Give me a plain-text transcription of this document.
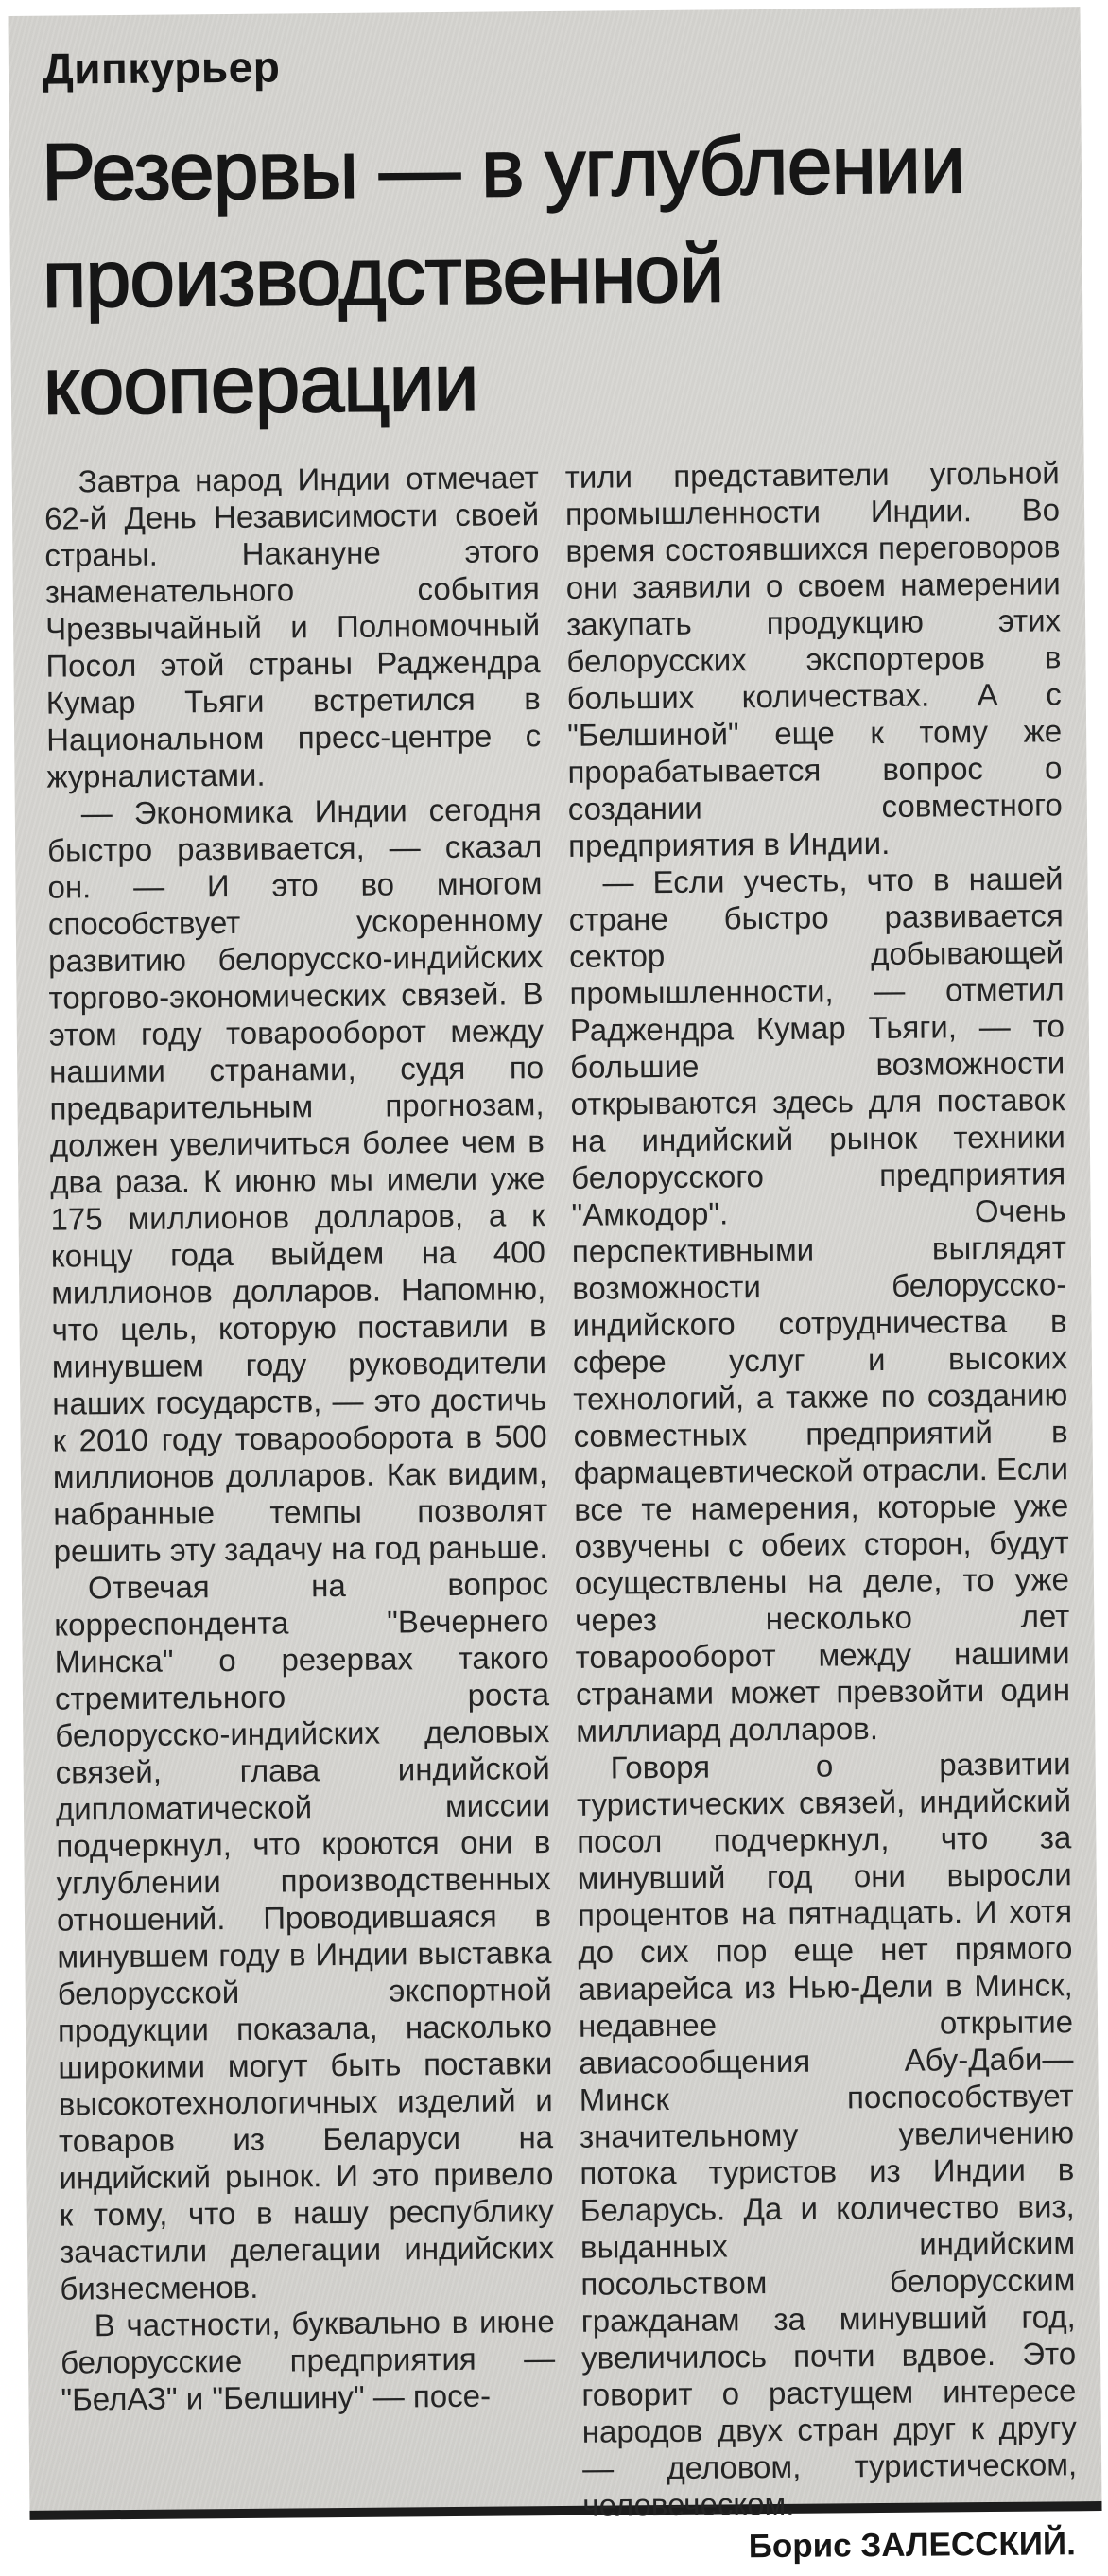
Дипкурьер
Резервы — в углублении
производственной
кооперации

Завтра народ Индии отмечает 62-й День Независимости своей страны. Накануне этого знаменательного события Чрезвычайный и Полномочный Посол этой страны Раджендра Кумар Тьяги встретился в Национальном пресс-центре с журналистами.

— Экономика Индии сегодня быстро развивается, — сказал он. — И это во многом способствует ускоренному развитию белорусско-индийских торгово-экономических связей. В этом году товарооборот между нашими странами, судя по предварительным прогнозам, должен увеличиться более чем в два раза. К июню мы имели уже 175 миллионов долларов, а к концу года выйдем на 400 миллионов долларов. Напомню, что цель, которую поставили в минувшем году руководители наших государств, — это достичь к 2010 году товарооборота в 500 миллионов долларов. Как видим, набранные темпы позволят решить эту задачу на год раньше.

Отвечая на вопрос корреспондента "Вечернего Минска" о резервах такого стремительного роста белорусско-индийских деловых связей, глава индийской дипломатической миссии подчеркнул, что кроются они в углублении производственных отношений. Проводившаяся в минувшем году в Индии выставка белорусской экспортной продукции показала, насколько широкими могут быть поставки высокотехнологичных изделий и товаров из Беларуси на индийский рынок. И это привело к тому, что в нашу республику зачастили делегации индийских бизнесменов.

В частности, буквально в июне белорусские предприятия — "БелАЗ" и "Белшину" — посе-

тили представители угольной промышленности Индии. Во время состоявшихся переговоров они заявили о своем намерении закупать продукцию этих белорусских экспортеров в больших количествах. А с "Белшиной" еще к тому же прорабатывается вопрос о создании совместного предприятия в Индии.

— Если учесть, что в нашей стране быстро развивается сектор добывающей промышленности, — отметил Раджендра Кумар Тьяги, — то большие возможности открываются здесь для поставок на индийский рынок техники белорусского предприятия "Амкодор". Очень перспективными выглядят возможности белорусско-индийского сотрудничества в сфере услуг и высоких технологий, а также по созданию совместных предприятий в фармацевтической отрасли. Если все те намерения, которые уже озвучены с обеих сторон, будут осуществлены на деле, то уже через несколько лет товарооборот между нашими странами может превзойти один миллиард долларов.

Говоря о развитии туристических связей, индийский посол подчеркнул, что за минувший год они выросли процентов на пятнадцать. И хотя до сих пор еще нет прямого авиарейса из Нью-Дели в Минск, недавнее открытие авиасообщения Абу-Даби—Минск поспособствует значительному увеличению потока туристов из Индии в Беларусь. Да и количество виз, выданных индийским посольством белорусским гражданам за минувший год, увеличилось почти вдвое. Это говорит о растущем интересе народов двух стран друг к другу — деловом, туристическом, человеческом.

Борис ЗАЛЕССКИЙ.
